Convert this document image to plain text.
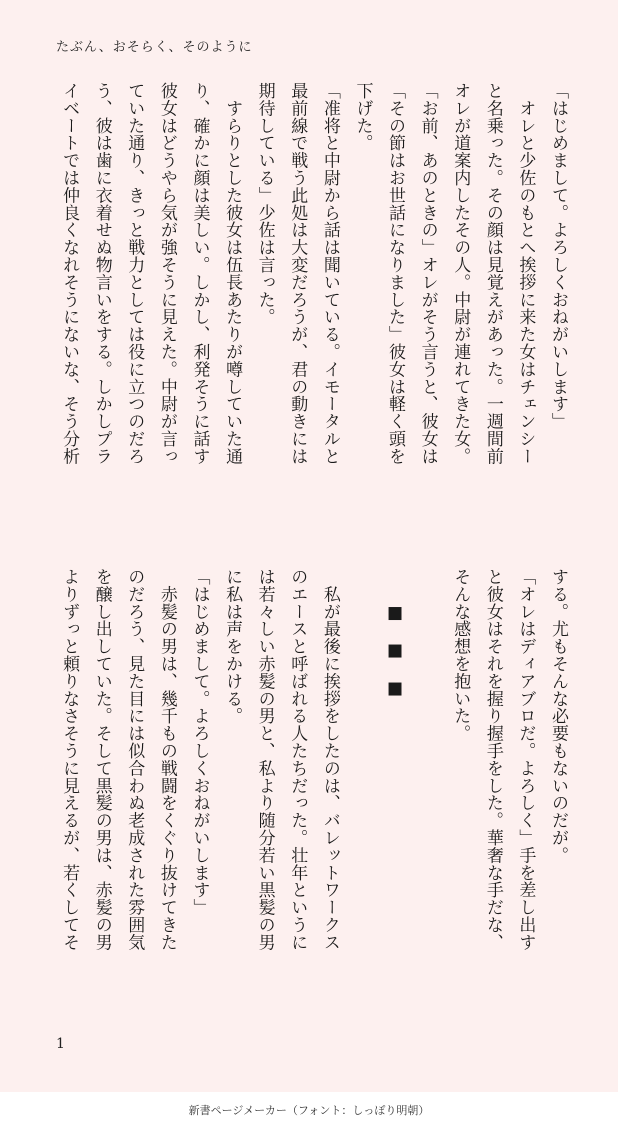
たぶん、おそらく、そのように
「はじめまして。よろしくおねがいします」
　オレと少佐のもとへ挨拶に来た女はチェンシー
と名乗った。その顔は見覚えがあった。一週間前
オレが道案内したその人。中尉が連れてきた女。
「お前、あのときの」オレがそう言うと、彼女は
「その節はお世話になりました」彼女は軽く頭を
下げた。
「准将と中尉から話は聞いている。イモータルと
最前線で戦う此処は大変だろうが、君の動きには
期待している」少佐は言った。
　すらりとした彼女は伍長あたりが噂していた通
り、確かに顔は美しい。しかし、利発そうに話す
彼女はどうやら気が強そうに見えた。中尉が言っ
ていた通り、きっと戦力としては役に立つのだろ
う、彼は歯に衣着せぬ物言いをする。しかしプラ
イベートでは仲良くなれそうにないな、そう分析
する。尤もそんな必要もないのだが。
「オレはディアブロだ。よろしく」手を差し出す
と彼女はそれを握り握手をした。華奢な手だな、
そんな感想を抱いた。

　　■　■　■

　私が最後に挨拶をしたのは、バレットワークス
のエースと呼ばれる人たちだった。壮年というに
は若々しい赤髪の男と、私より随分若い黒髪の男
に私は声をかける。
「はじめまして。よろしくおねがいします」
　赤髪の男は、幾千もの戦闘をくぐり抜けてきた
のだろう、見た目には似合わぬ老成された雰囲気
を醸し出していた。そして黒髪の男は、赤髪の男
よりずっと頼りなさそうに見えるが、若くしてそ
1
新書ページメーカー（フォント：しっぽり明朝）
